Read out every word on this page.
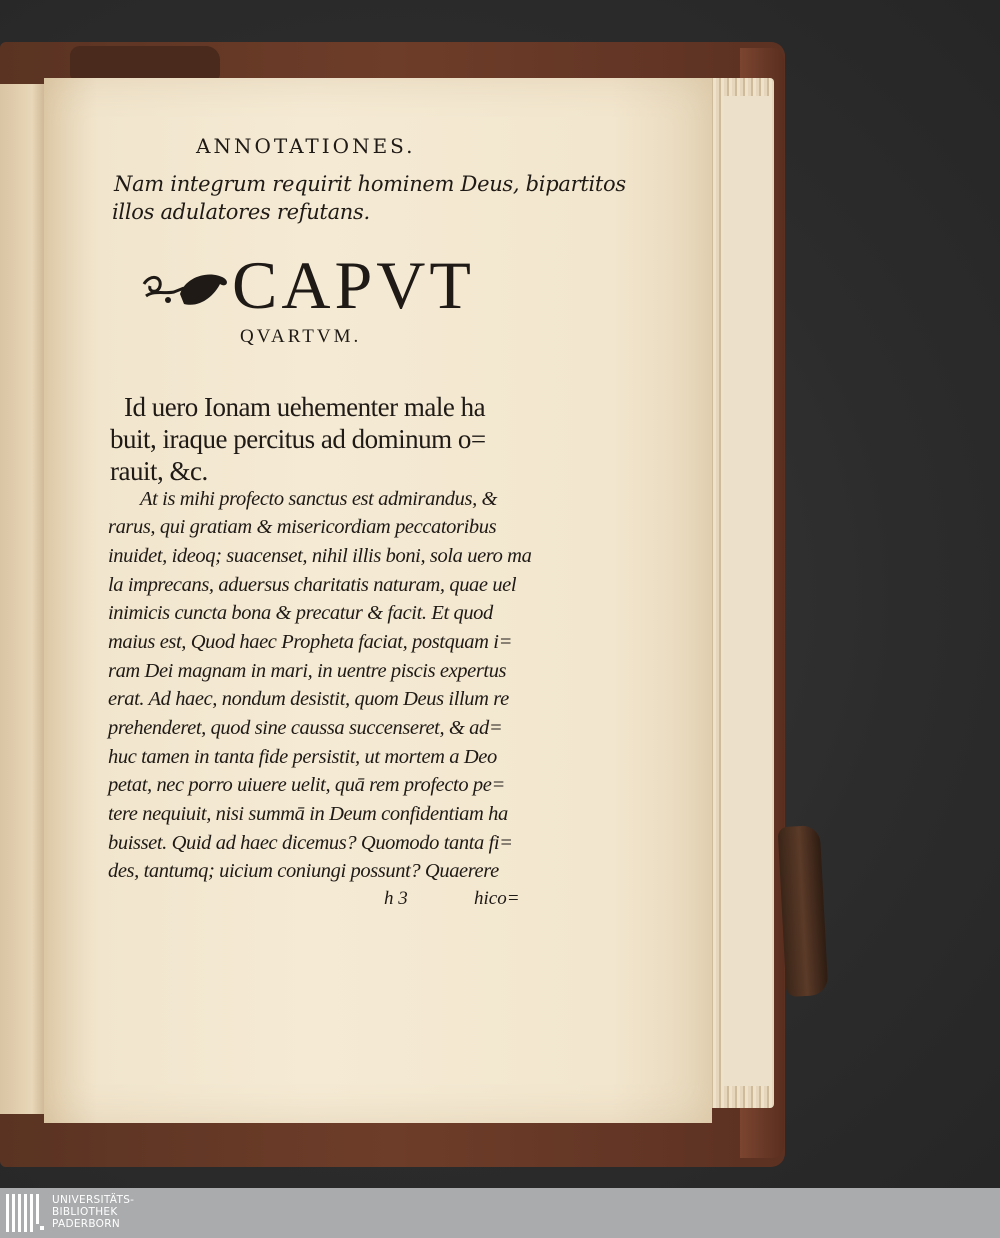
ANNOTATIONES.
Nam integrum requirit hominem Deus, bipartitos
illos adulatores refutans.
CAPVT
QVARTVM.
Id uero Ionam uehementer male ha
buit, iraque percitus ad dominum o=
rauit, &c.
At is mihi profecto sanctus est admirandus, &
rarus, qui gratiam & misericordiam peccatoribus
inuidet, ideoq; suacenset, nihil illis boni, sola uero ma
la imprecans, aduersus charitatis naturam, quae uel
inimicis cuncta bona & precatur & facit. Et quod
maius est, Quod haec Propheta faciat, postquam i=
ram Dei magnam in mari, in uentre piscis expertus
erat. Ad haec, nondum desistit, quom Deus illum re
prehenderet, quod sine caussa succenseret, & ad=
huc tamen in tanta fide persistit, ut mortem a Deo
petat, nec porro uiuere uelit, quā rem profecto pe=
tere nequiuit, nisi summā in Deum confidentiam ha
buisset. Quid ad haec dicemus? Quomodo tanta fi=
des, tantumq; uicium coniungi possunt? Quaerere
h 3	hico=
UNIVERSITÄTS-
BIBLIOTHEK
PADERBORN
